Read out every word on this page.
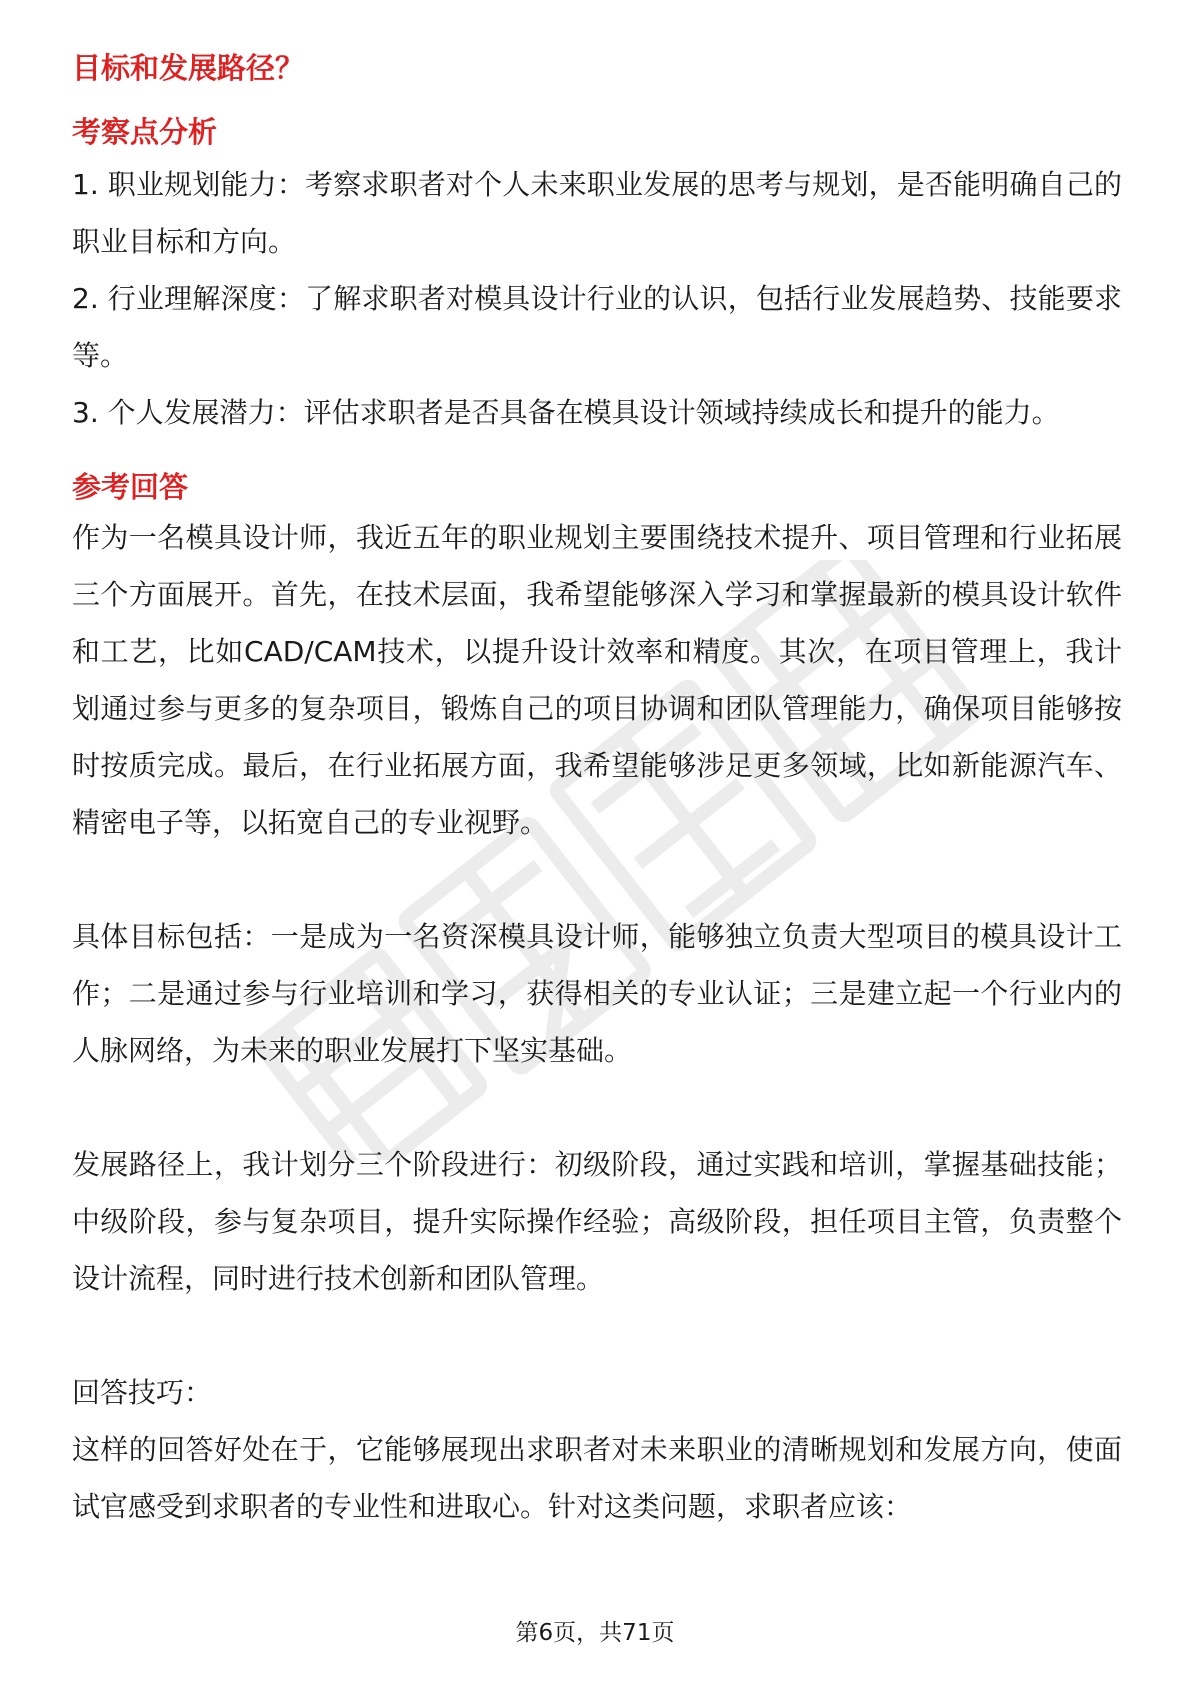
目标和发展路径？
考察点分析

1. 职业规划能力：考察求职者对个人未来职业发展的思考与规划，是否能明确自己的职业目标和方向。

2. 行业理解深度：了解求职者对模具设计行业的认识，包括行业发展趋势、技能要求等。

3. 个人发展潜力：评估求职者是否具备在模具设计领域持续成长和提升的能力。

参考回答

作为一名模具设计师，我近五年的职业规划主要围绕技术提升、项目管理和行业拓展三个方面展开。首先，在技术层面，我希望能够深入学习和掌握最新的模具设计软件和工艺，比如CAD/CAM技术，以提升设计效率和精度。其次，在项目管理上，我计划通过参与更多的复杂项目，锻炼自己的项目协调和团队管理能力，确保项目能够按时按质完成。最后，在行业拓展方面，我希望能够涉足更多领域，比如新能源汽车、精密电子等，以拓宽自己的专业视野。

具体目标包括：一是成为一名资深模具设计师，能够独立负责大型项目的模具设计工作；二是通过参与行业培训和学习，获得相关的专业认证；三是建立起一个行业内的人脉网络，为未来的职业发展打下坚实基础。

发展路径上，我计划分三个阶段进行：初级阶段，通过实践和培训，掌握基础技能；中级阶段，参与复杂项目，提升实际操作经验；高级阶段，担任项目主管，负责整个设计流程，同时进行技术创新和团队管理。

回答技巧：

这样的回答好处在于，它能够展现出求职者对未来职业的清晰规划和发展方向，使面试官感受到求职者的专业性和进取心。针对这类问题，求职者应该：

第6页，共71页
